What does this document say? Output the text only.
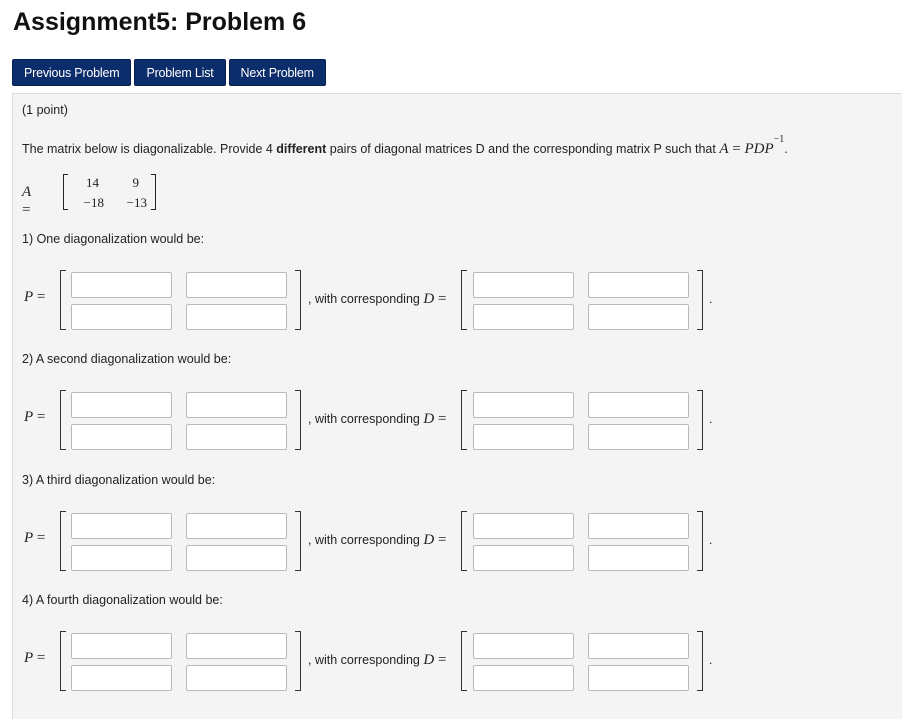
Assignment5: Problem 6
Previous Problem	Problem List	Next Problem
(1 point)
The matrix below is diagonalizable. Provide 4 different pairs of diagonal matrices D and the corresponding matrix P such that $A = PDP^{-1}$.
A =
14	9
−18	−13
1) One diagonalization would be:
P =	, with corresponding D =	.
2) A second diagonalization would be:
P =	, with corresponding D =	.
3) A third diagonalization would be:
P =	, with corresponding D =	.
4) A fourth diagonalization would be:
P =	, with corresponding D =	.
